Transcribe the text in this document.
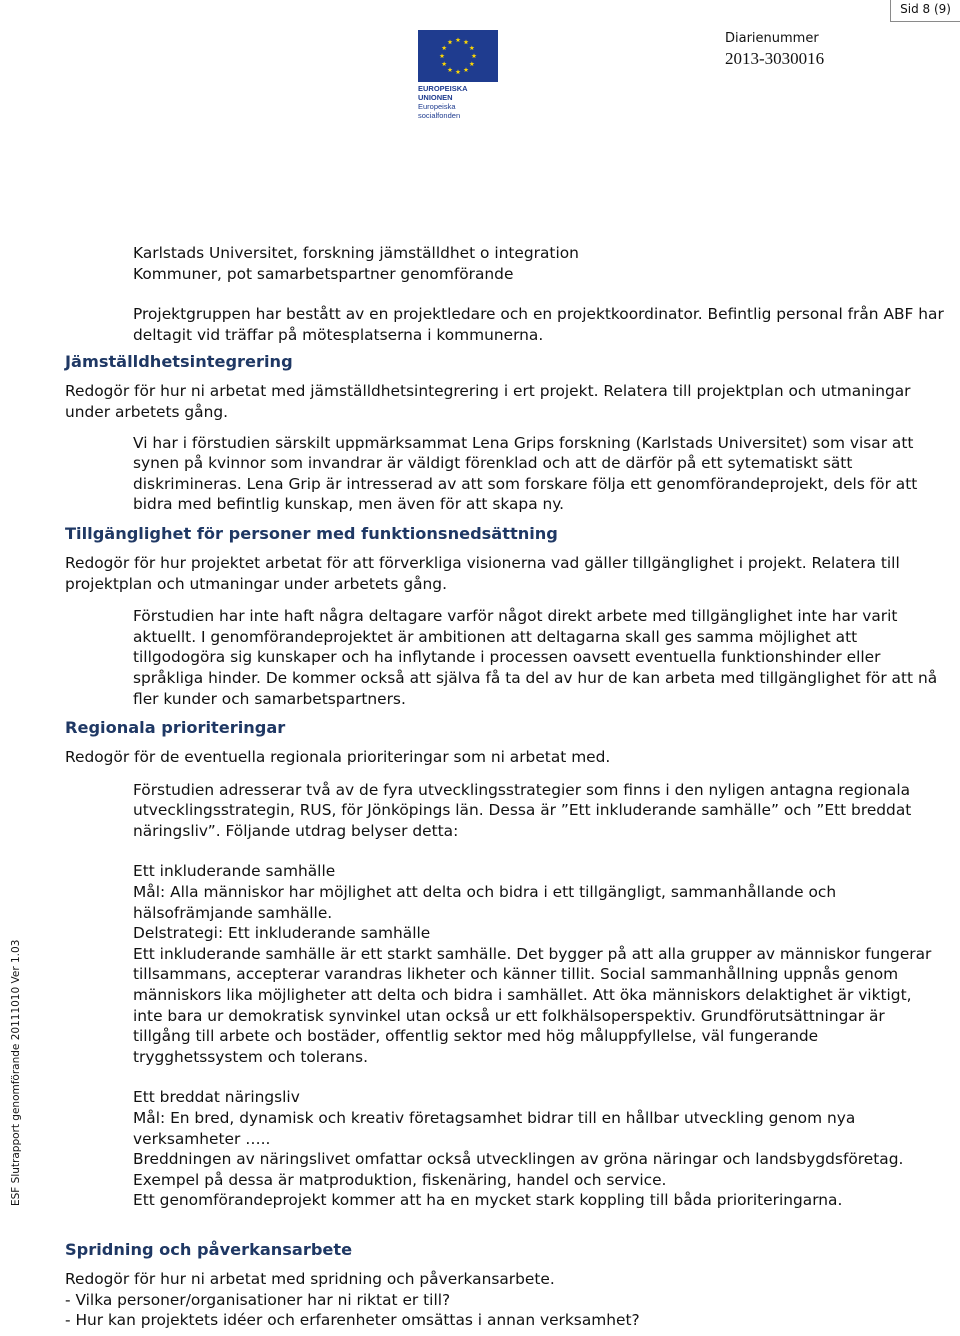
Sid 8 (9)
EUROPEISKA UNIONEN
Europeiska socialfonden
Diarienummer
2013-3030016
ESF Slutrapport genomförande 20111010 Ver 1.03

Karlstads Universitet, forskning jämställdhet o integration

Kommuner, pot samarbetspartner genomförande

Projektgruppen har bestått av en projektledare och en projektkoordinator. Befintlig personal från ABF har deltagit vid träffar på mötesplatserna i kommunerna.

Jämställdhetsintegrering

Redogör för hur ni arbetat med jämställdhetsintegrering i ert projekt. Relatera till projektplan och utmaningar under arbetets gång.

Vi har i förstudien särskilt uppmärksammat Lena Grips forskning (Karlstads Universitet) som visar att synen på kvinnor som invandrar är väldigt förenklad och att de därför på ett sytematiskt sätt diskrimineras. Lena Grip är intresserad av att som forskare följa ett genomförandeprojekt, dels för att bidra med befintlig kunskap, men även för att skapa ny.

Tillgänglighet för personer med funktionsnedsättning

Redogör för hur projektet arbetat för att förverkliga visionerna vad gäller tillgänglighet i projekt. Relatera till projektplan och utmaningar under arbetets gång.

Förstudien har inte haft några deltagare varför något direkt arbete med tillgänglighet inte har varit aktuellt. I genomförandeprojektet är ambitionen att deltagarna skall ges samma möjlighet att tillgodogöra sig kunskaper och ha inflytande i processen oavsett eventuella funktionshinder eller språkliga hinder. De kommer också att själva få ta del av hur de kan arbeta med tillgänglighet för att nå fler kunder och samarbetspartners.

Regionala prioriteringar

Redogör för de eventuella regionala prioriteringar som ni arbetat med.

Förstudien adresserar två av de fyra utvecklingsstrategier som finns i den nyligen antagna regionala utvecklingsstrategin, RUS, för Jönköpings län. Dessa är ”Ett inkluderande samhälle” och ”Ett breddat näringsliv”. Följande utdrag belyser detta:

Ett inkluderande samhälle

Mål: Alla människor har möjlighet att delta och bidra i ett tillgängligt, sammanhållande och hälsofrämjande samhälle.

Delstrategi: Ett inkluderande samhälle

Ett inkluderande samhälle är ett starkt samhälle. Det bygger på att alla grupper av människor fungerar tillsammans, accepterar varandras likheter och känner tillit. Social sammanhållning uppnås genom människors lika möjligheter att delta och bidra i samhället. Att öka människors delaktighet är viktigt, inte bara ur demokratisk synvinkel utan också ur ett folkhälsoperspektiv. Grundförutsättningar är tillgång till arbete och bostäder, offentlig sektor med hög måluppfyllelse, väl fungerande trygghetssystem och tolerans.

Ett breddat näringsliv

Mål: En bred, dynamisk och kreativ företagsamhet bidrar till en hållbar utveckling genom nya verksamheter …..

Breddningen av näringslivet omfattar också utvecklingen av gröna näringar och landsbygdsföretag. Exempel på dessa är matproduktion, fiskenäring, handel och service.

Ett genomförandeprojekt kommer att ha en mycket stark koppling till båda prioriteringarna.

Spridning och påverkansarbete

Redogör för hur ni arbetat med spridning och påverkansarbete.

- Vilka personer/organisationer har ni riktat er till?

- Hur kan projektets idéer och erfarenheter omsättas i annan verksamhet?
